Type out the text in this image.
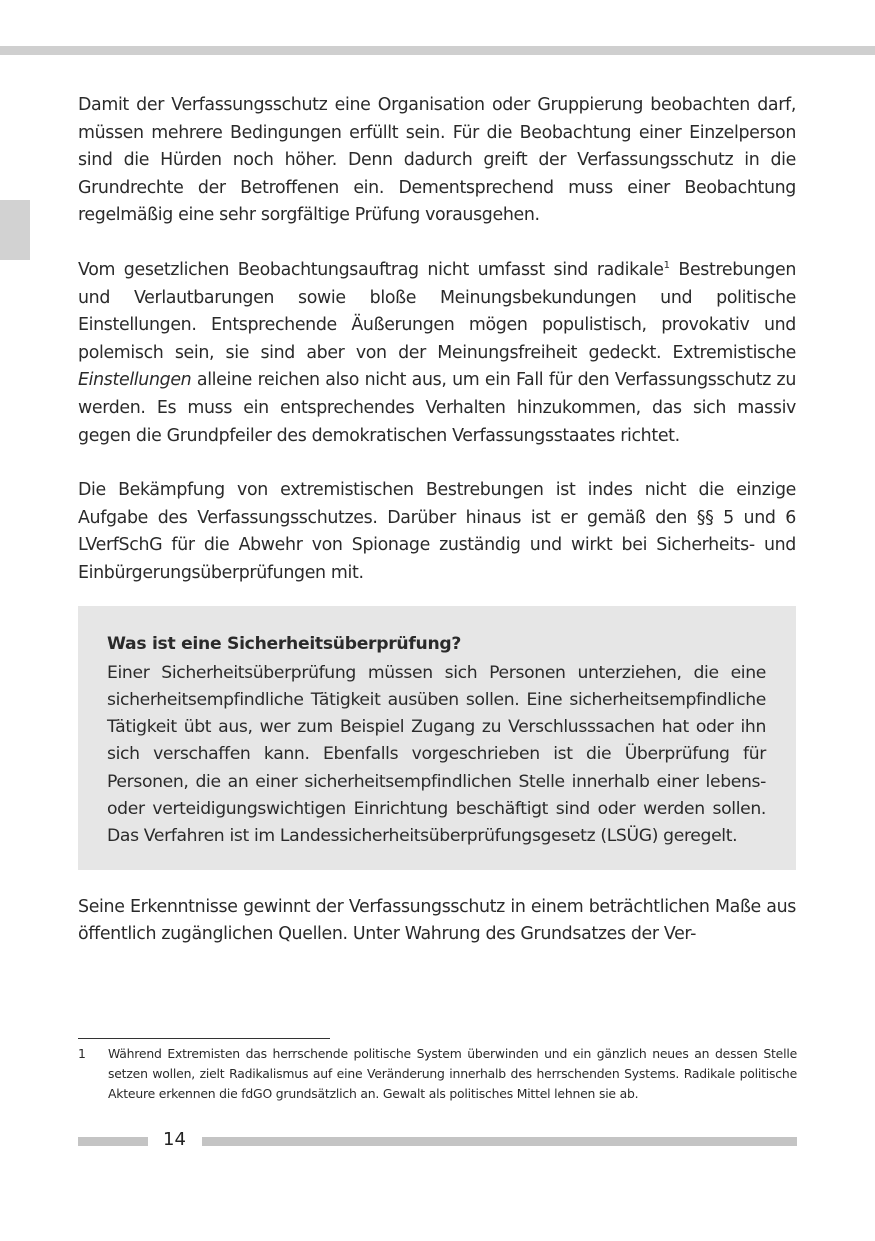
Damit der Verfassungsschutz eine Organisation oder Gruppierung beobachten darf, müssen mehrere Bedingungen erfüllt sein. Für die Beobachtung einer Einzelperson sind die Hürden noch höher. Denn dadurch greift der Verfassungsschutz in die Grundrechte der Betroffenen ein. Dementsprechend muss einer Beobachtung regelmäßig eine sehr sorgfältige Prüfung vorausgehen.

Vom gesetzlichen Beobachtungsauftrag nicht umfasst sind radikale$^1$ Bestrebungen und Verlautbarungen sowie bloße Meinungsbekundungen und politische Einstellungen. Entsprechende Äußerungen mögen populistisch, provokativ und polemisch sein, sie sind aber von der Meinungsfreiheit gedeckt. Extremistische Einstellungen alleine reichen also nicht aus, um ein Fall für den Verfassungsschutz zu werden. Es muss ein entsprechendes Verhalten hinzukommen, das sich massiv gegen die Grundpfeiler des demokratischen Verfassungsstaates richtet.

Die Bekämpfung von extremistischen Bestrebungen ist indes nicht die einzige Aufgabe des Verfassungsschutzes. Darüber hinaus ist er gemäß den §§ 5 und 6 LVerfSchG für die Abwehr von Spionage zuständig und wirkt bei Sicherheits- und Einbürgerungsüberprüfungen mit.

Was ist eine Sicherheitsüberprüfung?

Einer Sicherheitsüberprüfung müssen sich Personen unterziehen, die eine sicherheitsempfindliche Tätigkeit ausüben sollen. Eine sicherheitsempfindliche Tätigkeit übt aus, wer zum Beispiel Zugang zu Verschlusssachen hat oder ihn sich verschaffen kann. Ebenfalls vorgeschrieben ist die Überprüfung für Personen, die an einer sicherheitsempfindlichen Stelle innerhalb einer lebens- oder verteidigungswichtigen Einrichtung beschäftigt sind oder werden sollen. Das Verfahren ist im Landessicherheitsüberprüfungsgesetz (LSÜG) geregelt.

Seine Erkenntnisse gewinnt der Verfassungsschutz in einem beträchtlichen Maße aus öffentlich zugänglichen Quellen. Unter Wahrung des Grundsatzes der Ver-

1	Während Extremisten das herrschende politische System überwinden und ein gänzlich neues an dessen Stelle setzen wollen, zielt Radikalismus auf eine Veränderung innerhalb des herrschenden Systems. Radikale politische Akteure erkennen die fdGO grundsätzlich an. Gewalt als politisches Mittel lehnen sie ab.
14
